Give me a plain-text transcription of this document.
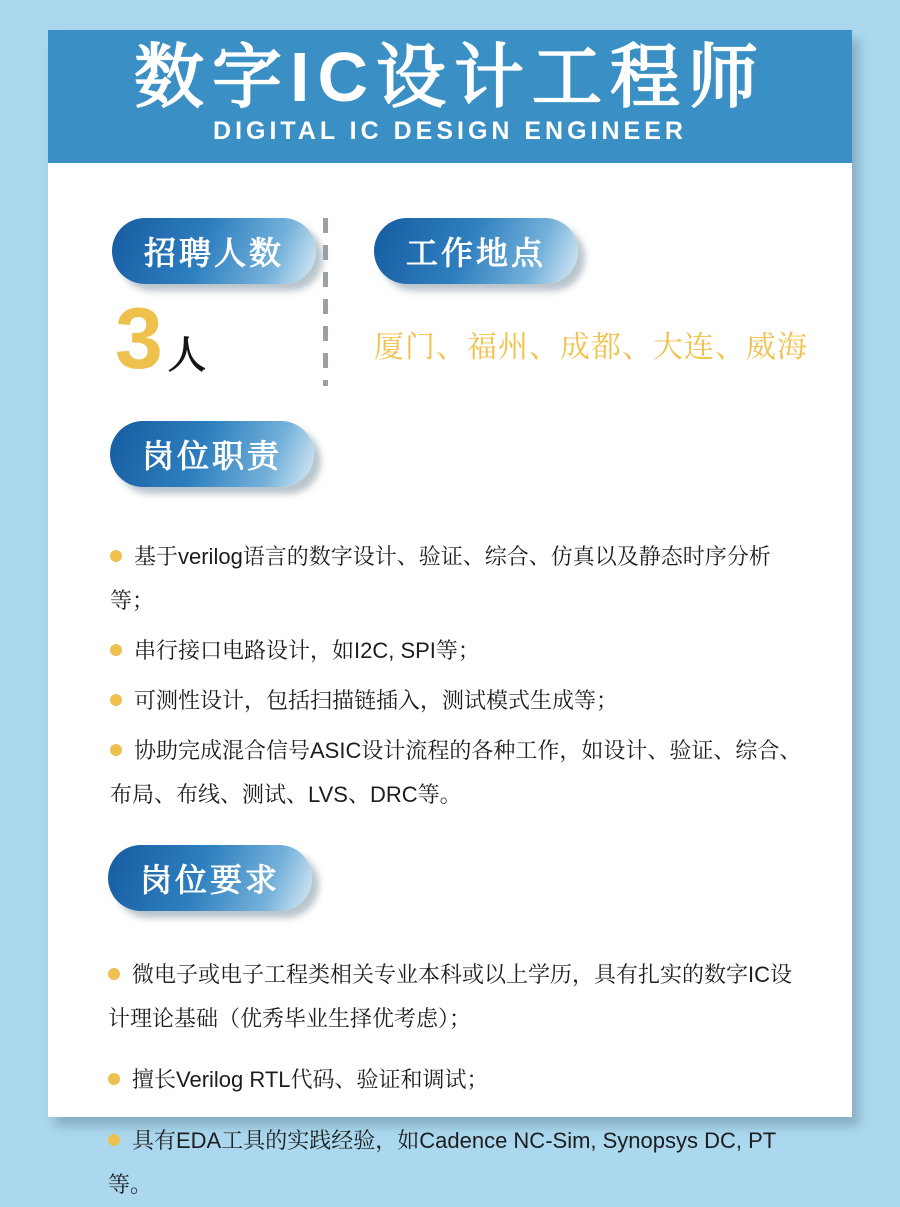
数字IC设计工程师
DIGITAL IC DESIGN ENGINEER
招聘人数
3 人
工作地点
厦门、福州、成都、大连、威海
岗位职责
基于verilog语言的数字设计、验证、综合、仿真以及静态时序分析等；
串行接口电路设计，如I2C, SPI等；
可测性设计，包括扫描链插入，测试模式生成等；
协助完成混合信号ASIC设计流程的各种工作，如设计、验证、综合、布局、布线、测试、LVS、DRC等。
岗位要求
微电子或电子工程类相关专业本科或以上学历，具有扎实的数字IC设计理论基础（优秀毕业生择优考虑）；
擅长Verilog RTL代码、验证和调试；
具有EDA工具的实践经验，如Cadence NC-Sim, Synopsys DC, PT等。
